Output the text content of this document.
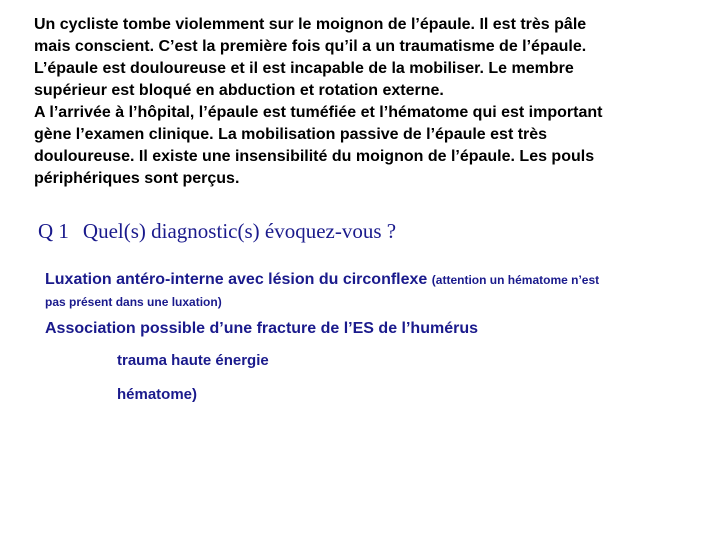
Un cycliste tombe violemment sur le moignon de l’épaule. Il est très pâle
mais conscient. C’est la première fois qu’il a un traumatisme de l’épaule.
L’épaule est douloureuse et il est incapable de la mobiliser. Le membre
supérieur est bloqué en abduction et rotation externe.
A l’arrivée à l’hôpital, l’épaule est tuméfiée et l’hématome qui est important
gène l’examen clinique. La mobilisation passive de l’épaule est très
douloureuse. Il existe une insensibilité du moignon de l’épaule. Les pouls
périphériques sont perçus.
Q 1 Quel(s) diagnostic(s) évoquez-vous ?
Luxation antéro-interne avec lésion du circonflexe (attention un hématome n’est
pas présent dans une luxation)
Association possible d’une fracture de l’ES de l’humérus
trauma haute énergie
hématome)
